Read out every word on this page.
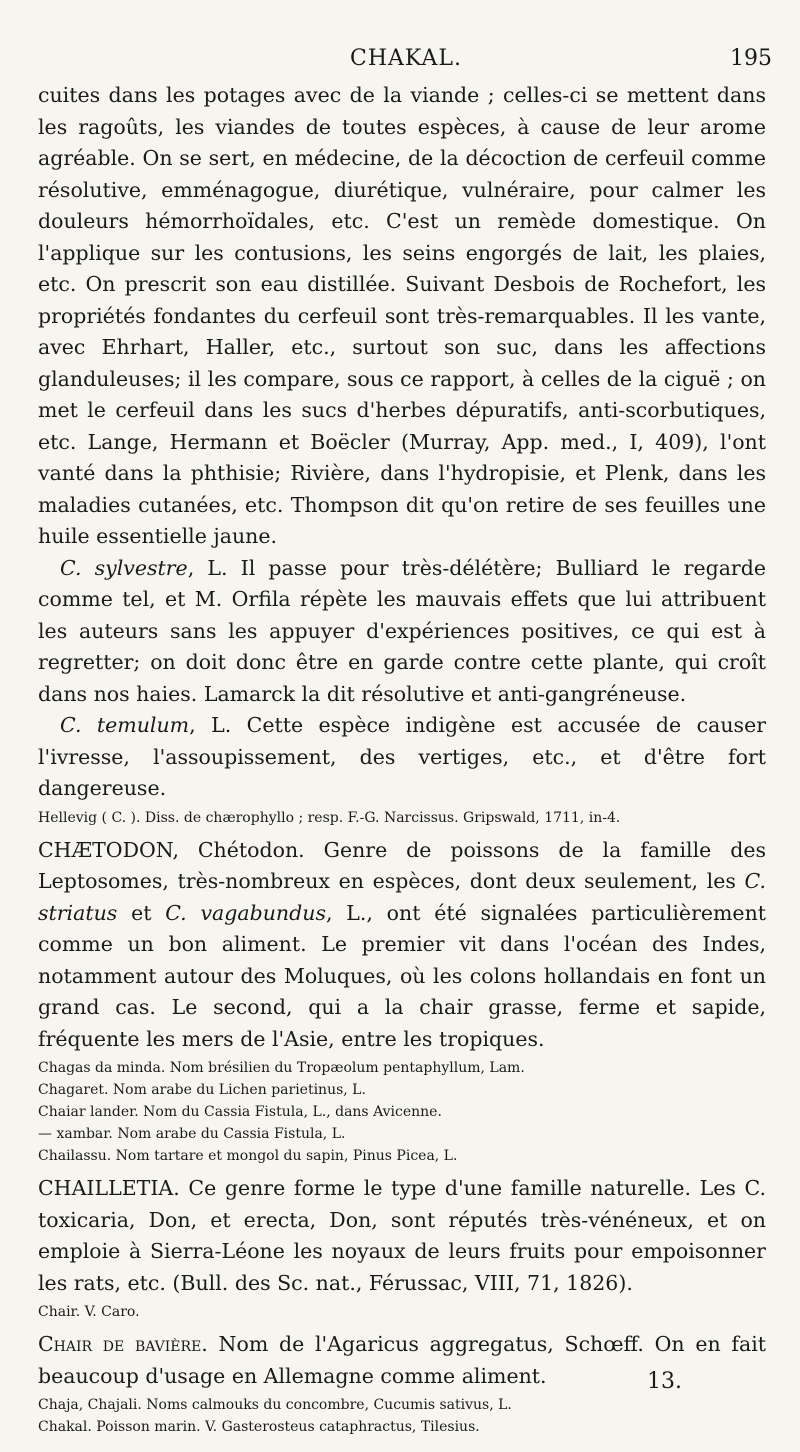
CHAKAL.	195

cuites dans les potages avec de la viande ; celles-ci se mettent dans les ragoûts, les viandes de toutes espèces, à cause de leur arome agréable. On se sert, en médecine, de la décoction de cerfeuil comme résolutive, emménagogue, diurétique, vulnéraire, pour calmer les douleurs hémorrhoïdales, etc. C'est un remède domestique. On l'applique sur les contusions, les seins engorgés de lait, les plaies, etc. On prescrit son eau distillée. Suivant Desbois de Rochefort, les propriétés fondantes du cerfeuil sont très-remarquables. Il les vante, avec Ehrhart, Haller, etc., surtout son suc, dans les affections glanduleuses; il les compare, sous ce rapport, à celles de la ciguë ; on met le cerfeuil dans les sucs d'herbes dépuratifs, anti-scorbutiques, etc. Lange, Hermann et Boëcler (Murray, App. med., I, 409), l'ont vanté dans la phthisie; Rivière, dans l'hydropisie, et Plenk, dans les maladies cutanées, etc. Thompson dit qu'on retire de ses feuilles une huile essentielle jaune.

C. sylvestre, L. Il passe pour très-délétère; Bulliard le regarde comme tel, et M. Orfila répète les mauvais effets que lui attribuent les auteurs sans les appuyer d'expériences positives, ce qui est à regretter; on doit donc être en garde contre cette plante, qui croît dans nos haies. Lamarck la dit résolutive et anti-gangréneuse.

C. temulum, L. Cette espèce indigène est accusée de causer l'ivresse, l'assoupissement, des vertiges, etc., et d'être fort dangereuse.

Hellevig ( C. ). Diss. de chærophyllo ; resp. F.-G. Narcissus. Gripswald, 1711, in-4.

CHÆTODON, Chétodon. Genre de poissons de la famille des Leptosomes, très-nombreux en espèces, dont deux seulement, les C. striatus et C. vagabundus, L., ont été signalées particulièrement comme un bon aliment. Le premier vit dans l'océan des Indes, notamment autour des Moluques, où les colons hollandais en font un grand cas. Le second, qui a la chair grasse, ferme et sapide, fréquente les mers de l'Asie, entre les tropiques.

Chagas da minda. Nom brésilien du Tropæolum pentaphyllum, Lam.
Chagaret. Nom arabe du Lichen parietinus, L.
Chaiar lander. Nom du Cassia Fistula, L., dans Avicenne.
— xambar. Nom arabe du Cassia Fistula, L.
Chailassu. Nom tartare et mongol du sapin, Pinus Picea, L.

CHAILLETIA. Ce genre forme le type d'une famille naturelle. Les C. toxicaria, Don, et erecta, Don, sont réputés très-vénéneux, et on emploie à Sierra-Léone les noyaux de leurs fruits pour empoisonner les rats, etc. (Bull. des Sc. nat., Férussac, VIII, 71, 1826).

Chair. V. Caro.

Chair de bavière. Nom de l'Agaricus aggregatus, Schœff. On en fait beaucoup d'usage en Allemagne comme aliment.

Chaja, Chajali. Noms calmouks du concombre, Cucumis sativus, L.
Chakal. Poisson marin. V. Gasterosteus cataphractus, Tilesius.
13.
